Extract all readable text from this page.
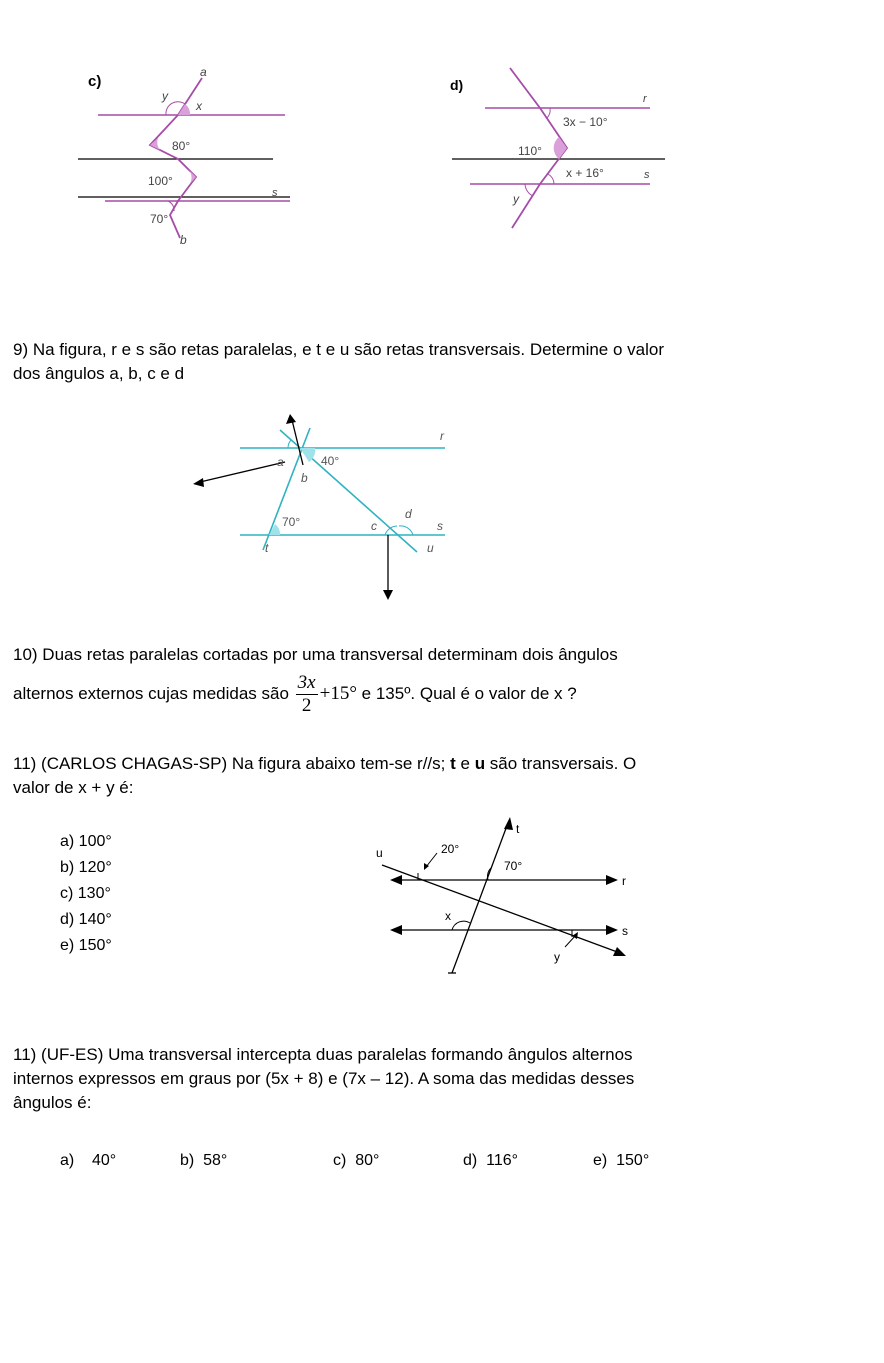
c)
a
y
x
80°
100°
s
70°
b
d)
r
3x − 10°
110°
x + 16°	s
y
9) Na figura, r e s são retas paralelas, e t e u são retas transversais. Determine o valor
dos ângulos a, b, c e d
r
a	40°
b
d
70°	c	s
t	u
10) Duas retas paralelas cortadas por uma transversal determinam dois ângulos
alternos externos cujas medidas são $\frac{3x}{2} +15^\circ$ e 135º. Qual é o valor de x ?
11) (CARLOS CHAGAS-SP) Na figura abaixo tem-se r//s; t e u são transversais. O
valor de x + y é:
a) 100°
b) 120°
c) 130°
d) 140°
e) 150°
t
u	20°
70°
r
x
s
y
11) (UF-ES) Uma transversal intercepta duas paralelas formando ângulos alternos
internos expressos em graus por (5x + 8) e (7x – 12). A soma das medidas desses
ângulos é:
a)    40°	b)  58°	c)  80°	d)  116°	e)  150°
